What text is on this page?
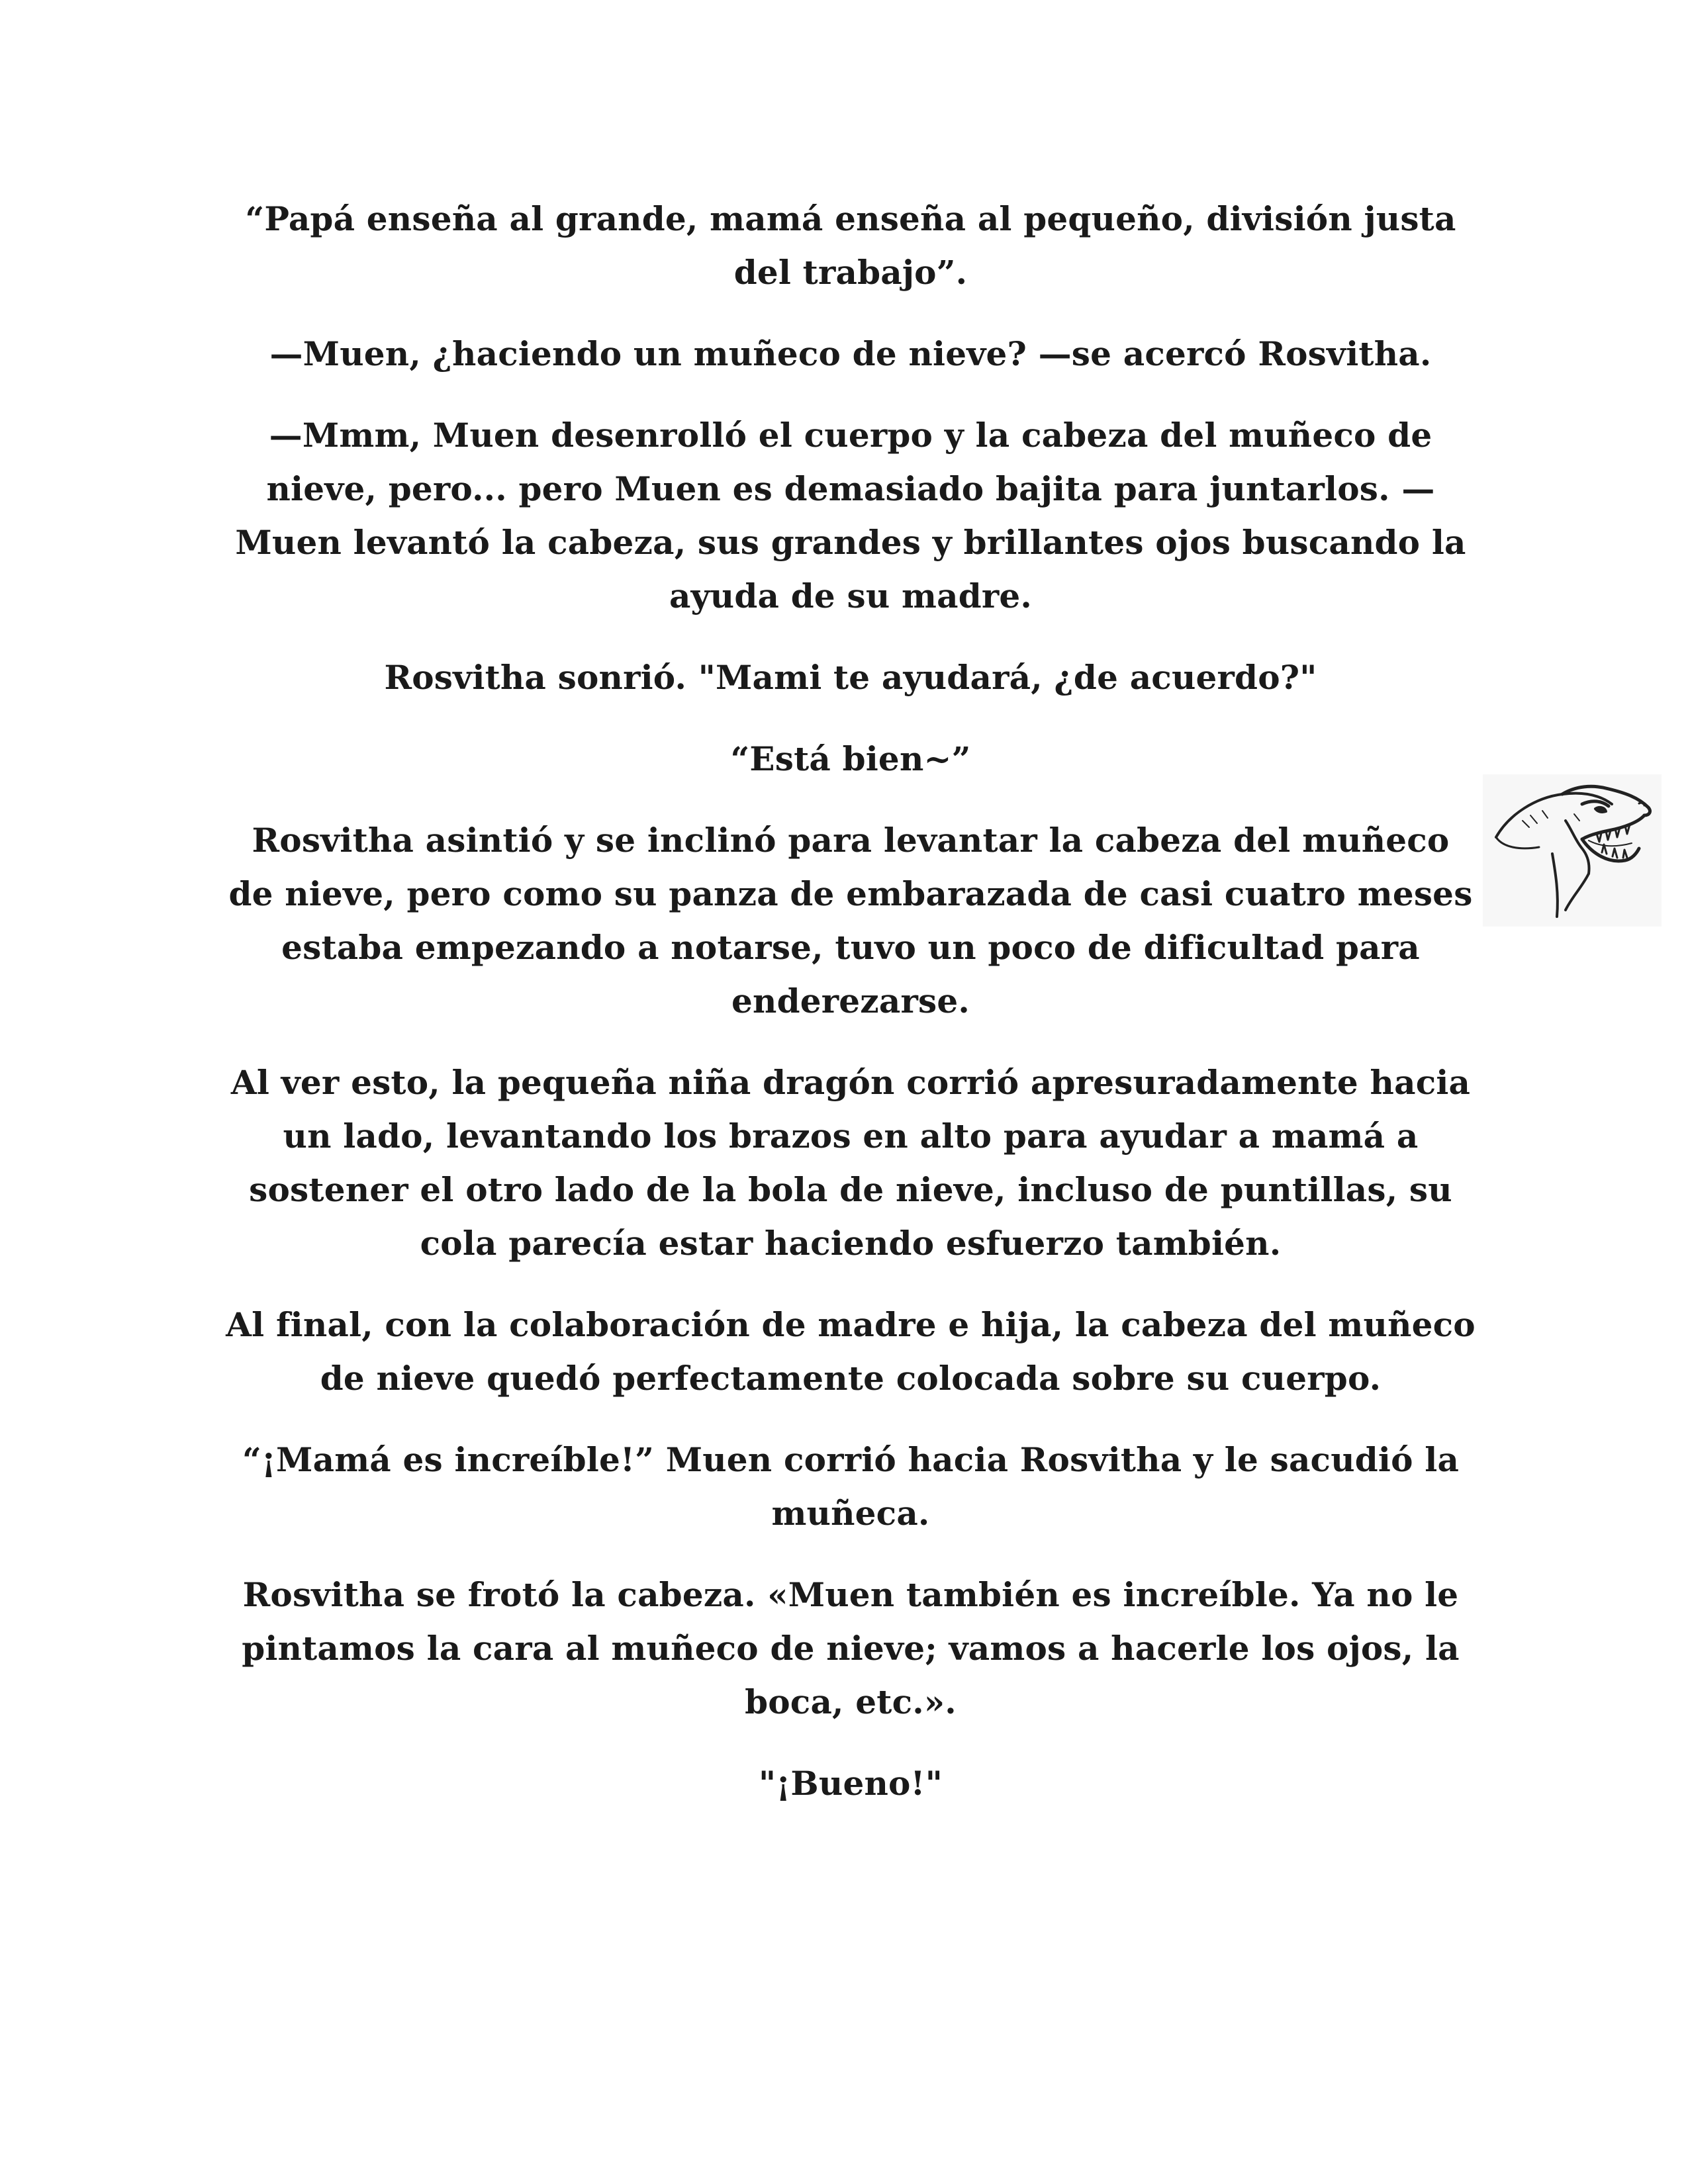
“Papá enseña al grande, mamá enseña al pequeño, división justa del trabajo”.

—Muen, ¿haciendo un muñeco de nieve? —se acercó Rosvitha.

—Mmm, Muen desenrolló el cuerpo y la cabeza del muñeco de nieve, pero... pero Muen es demasiado bajita para juntarlos. —Muen levantó la cabeza, sus grandes y brillantes ojos buscando la ayuda de su madre.

Rosvitha sonrió. "Mami te ayudará, ¿de acuerdo?"

“Está bien~”

Rosvitha asintió y se inclinó para levantar la cabeza del muñeco de nieve, pero como su panza de embarazada de casi cuatro meses estaba empezando a notarse, tuvo un poco de dificultad para enderezarse.

Al ver esto, la pequeña niña dragón corrió apresuradamente hacia un lado, levantando los brazos en alto para ayudar a mamá a sostener el otro lado de la bola de nieve, incluso de puntillas, su cola parecía estar haciendo esfuerzo también.

Al final, con la colaboración de madre e hija, la cabeza del muñeco de nieve quedó perfectamente colocada sobre su cuerpo.

“¡Mamá es increíble!” Muen corrió hacia Rosvitha y le sacudió la muñeca.

Rosvitha se frotó la cabeza. «Muen también es increíble. Ya no le pintamos la cara al muñeco de nieve; vamos a hacerle los ojos, la boca, etc.».

"¡Bueno!"
